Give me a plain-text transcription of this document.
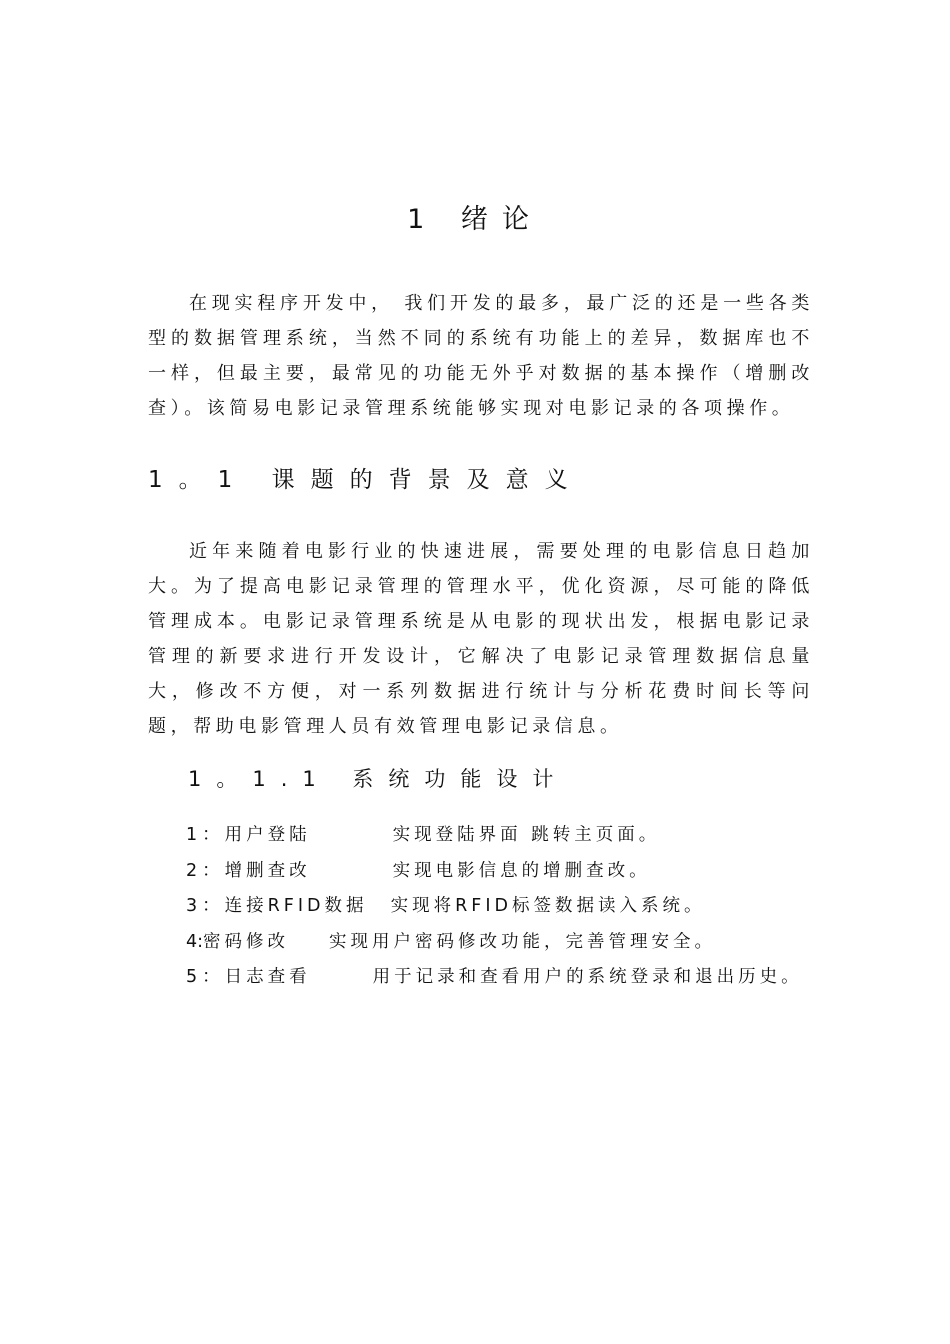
1 绪论

在现实程序开发中， 我们开发的最多，最广泛的还是一些各类型的数据管理系统，当然不同的系统有功能上的差异，数据库也不一样，但最主要，最常见的功能无外乎对数据的基本操作（增删改查）。该简易电影记录管理系统能够实现对电影记录的各项操作。

1。1 课题的背景及意义

近年来随着电影行业的快速进展，需要处理的电影信息日趋加大。为了提高电影记录管理的管理水平，优化资源，尽可能的降低管理成本。电影记录管理系统是从电影的现状出发，根据电影记录管理的新要求进行开发设计，它解决了电影记录管理数据信息量大，修改不方便，对一系列数据进行统计与分析花费时间长等问题，帮助电影管理人员有效管理电影记录信息。

1。1.1 系统功能设计
1：用户登陆	实现登陆界面 跳转主页面。
2：增删查改	实现电影信息的增删查改。
3：连接RFID数据 实现将RFID标签数据读入系统。
4:密码修改 实现用户密码修改功能，完善管理安全。
5：日志查看	用于记录和查看用户的系统登录和退出历史。
